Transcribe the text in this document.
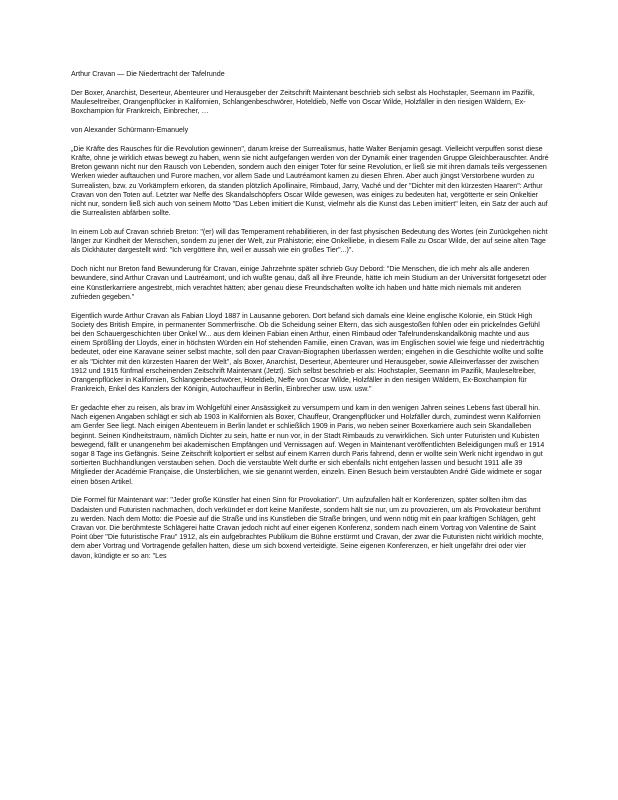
Arthur Cravan — Die Niedertracht der Tafelrunde

Der Boxer, Anarchist, Deserteur, Abenteurer und Herausgeber der Zeitschrift Maintenant beschrieb sich selbst als Hochstapler, Seemann im Pazifik, Mauleseltreiber, Orangenpflücker in Kalifornien, Schlangenbeschwörer, Hoteldieb, Neffe von Oscar Wilde, Holzfäller in den riesigen Wäldern, Ex-Boxchampion für Frankreich, Einbrecher, …

von Alexander Schürmann-Emanuely

„Die Kräfte des Rausches für die Revolution gewinnen", darum kreise der Surrealismus, hatte Walter Benjamin gesagt. Vielleicht verpuffen sonst diese Kräfte, ohne je wirklich etwas bewegt zu haben, wenn sie nicht aufgefangen werden von der Dynamik einer tragenden Gruppe Gleichberauschter. André Breton gewann nicht nur den Rausch von Lebenden, sondern auch den einiger Toter für seine Revolution, er ließ sie mit ihren damals teils vergessenen Werken wieder auftauchen und Furore machen, vor allem Sade und Lautréamont kamen zu diesen Ehren. Aber auch jüngst Verstorbene wurden zu Surrealisten, bzw. zu Vorkämpfern erkoren, da standen plötzlich Apollinaire, Rimbaud, Jarry, Vaché und der "Dichter mit den kürzesten Haaren": Arthur Cravan von den Toten auf. Letzter war Neffe des Skandalschöpfers Oscar Wilde gewesen, was einiges zu bedeuten hat, vergötterte er sein Onkeltier nicht nur, sondern ließ sich auch von seinem Motto "Das Leben imitiert die Kunst, vielmehr als die Kunst das Leben imitiert" leiten, ein Satz der auch auf die Surrealisten abfärben sollte.

In einem Lob auf Cravan schrieb Breton: "(er) will das Temperament rehabilitieren, in der fast physischen Bedeutung des Wortes (ein Zurückgehen nicht länger zur Kindheit der Menschen, sondern zu jener der Welt, zur Prähistorie; eine Onkelliebe, in diesem Falle zu Oscar Wilde, der auf seine alten Tage als Dickhäuter dargestellt wird: "Ich vergöttere ihn, weil er aussah wie ein großes Tier"...)".

Doch nicht nur Breton fand Bewunderung für Cravan, einige Jahrzehnte später schrieb Guy Debord: "Die Menschen, die ich mehr als alle anderen bewundere, sind Arthur Cravan und Lautréamont, und ich wußte genau, daß all ihre Freunde, hätte ich mein Studium an der Universität fortgesetzt oder eine Künstlerkarriere angestrebt, mich verachtet hätten; aber genau diese Freundschaften wollte ich haben und hätte mich niemals mit anderen zufrieden gegeben."

Eigentlich wurde Arthur Cravan als Fabian Lloyd 1887 in Lausanne geboren. Dort befand sich damals eine kleine englische Kolonie, ein Stück High Society des British Empire, in permanenter Sommerfrische. Ob die Scheidung seiner Eltern, das sich ausgestoßen fühlen oder ein prickelndes Gefühl bei den Schauergeschichten über Onkel W... aus dem kleinen Fabian einen Arthur, einen Rimbaud oder Tafelrundenskandalkönig machte und aus einem Sprößling der Lloyds, einer in höchsten Würden ein Hof stehenden Familie, einen Cravan, was im Englischen soviel wie feige und niederträchtig bedeutet, oder eine Karavane seiner selbst machte, soll den paar Cravan-Biographen überlassen werden; eingehen in die Geschichte wollte und sollte er als "Dichter mit den kürzesten Haaren der Welt", als Boxer, Anarchist, Deserteur, Abenteurer und Herausgeber, sowie Alleinverfasser der zwischen 1912 und 1915 fünfmal erscheinenden Zeitschrift Maintenant (Jetzt). Sich selbst beschrieb er als: Hochstapler, Seemann im Pazifik, Mauleseltreiber, Orangenpflücker in Kalifornien, Schlangenbeschwörer, Hoteldieb, Neffe von Oscar Wilde, Holzfäller in den riesigen Wäldern, Ex-Boxchampion für Frankreich, Enkel des Kanzlers der Königin, Autochauffeur in Berlin, Einbrecher usw. usw. usw."

Er gedachte eher zu reisen, als brav im Wohlgefühl einer Ansässigkeit zu versumpern und kam in den wenigen Jahren seines Lebens fast überall hin. Nach eigenen Angaben schlägt er sich ab 1903 in Kalifornien als Boxer, Chauffeur, Orangenpflücker und Holzfäller durch, zumindest wenn Kalifornien am Genfer See liegt. Nach einigen Abenteuern in Berlin landet er schließlich 1909 in Paris, wo neben seiner Boxerkarriere auch sein Skandalleben beginnt. Seinen Kindheitstraum, nämlich Dichter zu sein, hatte er nun vor, in der Stadt Rimbauds zu verwirklichen. Sich unter Futuristen und Kubisten bewegend, fällt er unangenehm bei akademischen Empfängen und Vernissagen auf. Wegen in Maintenant veröffentlichten Beleidigungen muß er 1914 sogar 8 Tage ins Gefängnis. Seine Zeitschrift kolportiert er selbst auf einem Karren durch Paris fahrend, denn er wollte sein Werk nicht irgendwo in gut sortierten Buchhandlungen verstauben sehen. Doch die verstaubte Welt durfte er sich ebenfalls nicht entgehen lassen und besucht 1911 alle 39 Mitglieder der Académie Française, die Unsterblichen, wie sie genannt werden, einzeln. Einen Besuch beim verstaubten André Gide widmete er sogar einen bösen Artikel.

Die Formel für Maintenant war: "Jeder große Künstler hat einen Sinn für Provokation". Um aufzufallen hält er Konferenzen, später sollten ihm das Dadaisten und Futuristen nachmachen, doch verkündet er dort keine Manifeste, sondern hält sie nur, um zu provozieren, um als Provokateur berühmt zu werden. Nach dem Motto: die Poesie auf die Straße und ins Kunstleben die Straße bringen, und wenn nötig mit ein paar kräftigen Schlägen, geht Cravan vor. Die berühmteste Schlägerei hatte Cravan jedoch nicht auf einer eigenen Konferenz, sondern nach einem Vortrag von Valentine de Saint Point über "Die futuristische Frau" 1912, als ein aufgebrachtes Publikum die Bühne erstürmt und Cravan, der zwar die Futuristen nicht wirklich mochte, dem aber Vortrag und Vortragende gefallen hatten, diese um sich boxend verteidigte. Seine eigenen Konferenzen, er hielt ungefähr drei oder vier davon, kündigte er so an: "Les
